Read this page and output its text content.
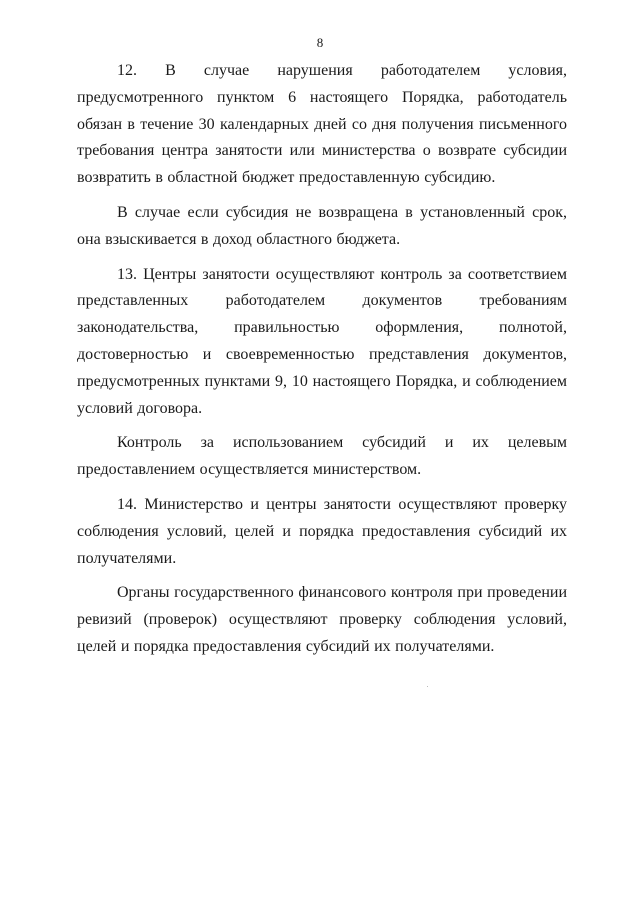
8

12. В случае нарушения работодателем условия, предусмотренного пунктом 6 настоящего Порядка, работодатель обязан в течение 30 календарных дней со дня получения письменного требования центра занятости или министерства о возврате субсидии возвратить в областной бюджет предоставленную субсидию.

В случае если субсидия не возвращена в установленный срок, она взыскивается в доход областного бюджета.

13. Центры занятости осуществляют контроль за соответствием представленных работодателем документов требованиям законодательства, правильностью оформления, полнотой, достоверностью и своевременностью представления документов, предусмотренных пунктами 9, 10 настоящего Порядка, и соблюдением условий договора.

Контроль за использованием субсидий и их целевым предоставлением осуществляется министерством.

14. Министерство и центры занятости осуществляют проверку соблюдения условий, целей и порядка предоставления субсидий их получателями.

Органы государственного финансового контроля при проведении ревизий (проверок) осуществляют проверку соблюдения условий, целей и порядка предоставления субсидий их получателями.
